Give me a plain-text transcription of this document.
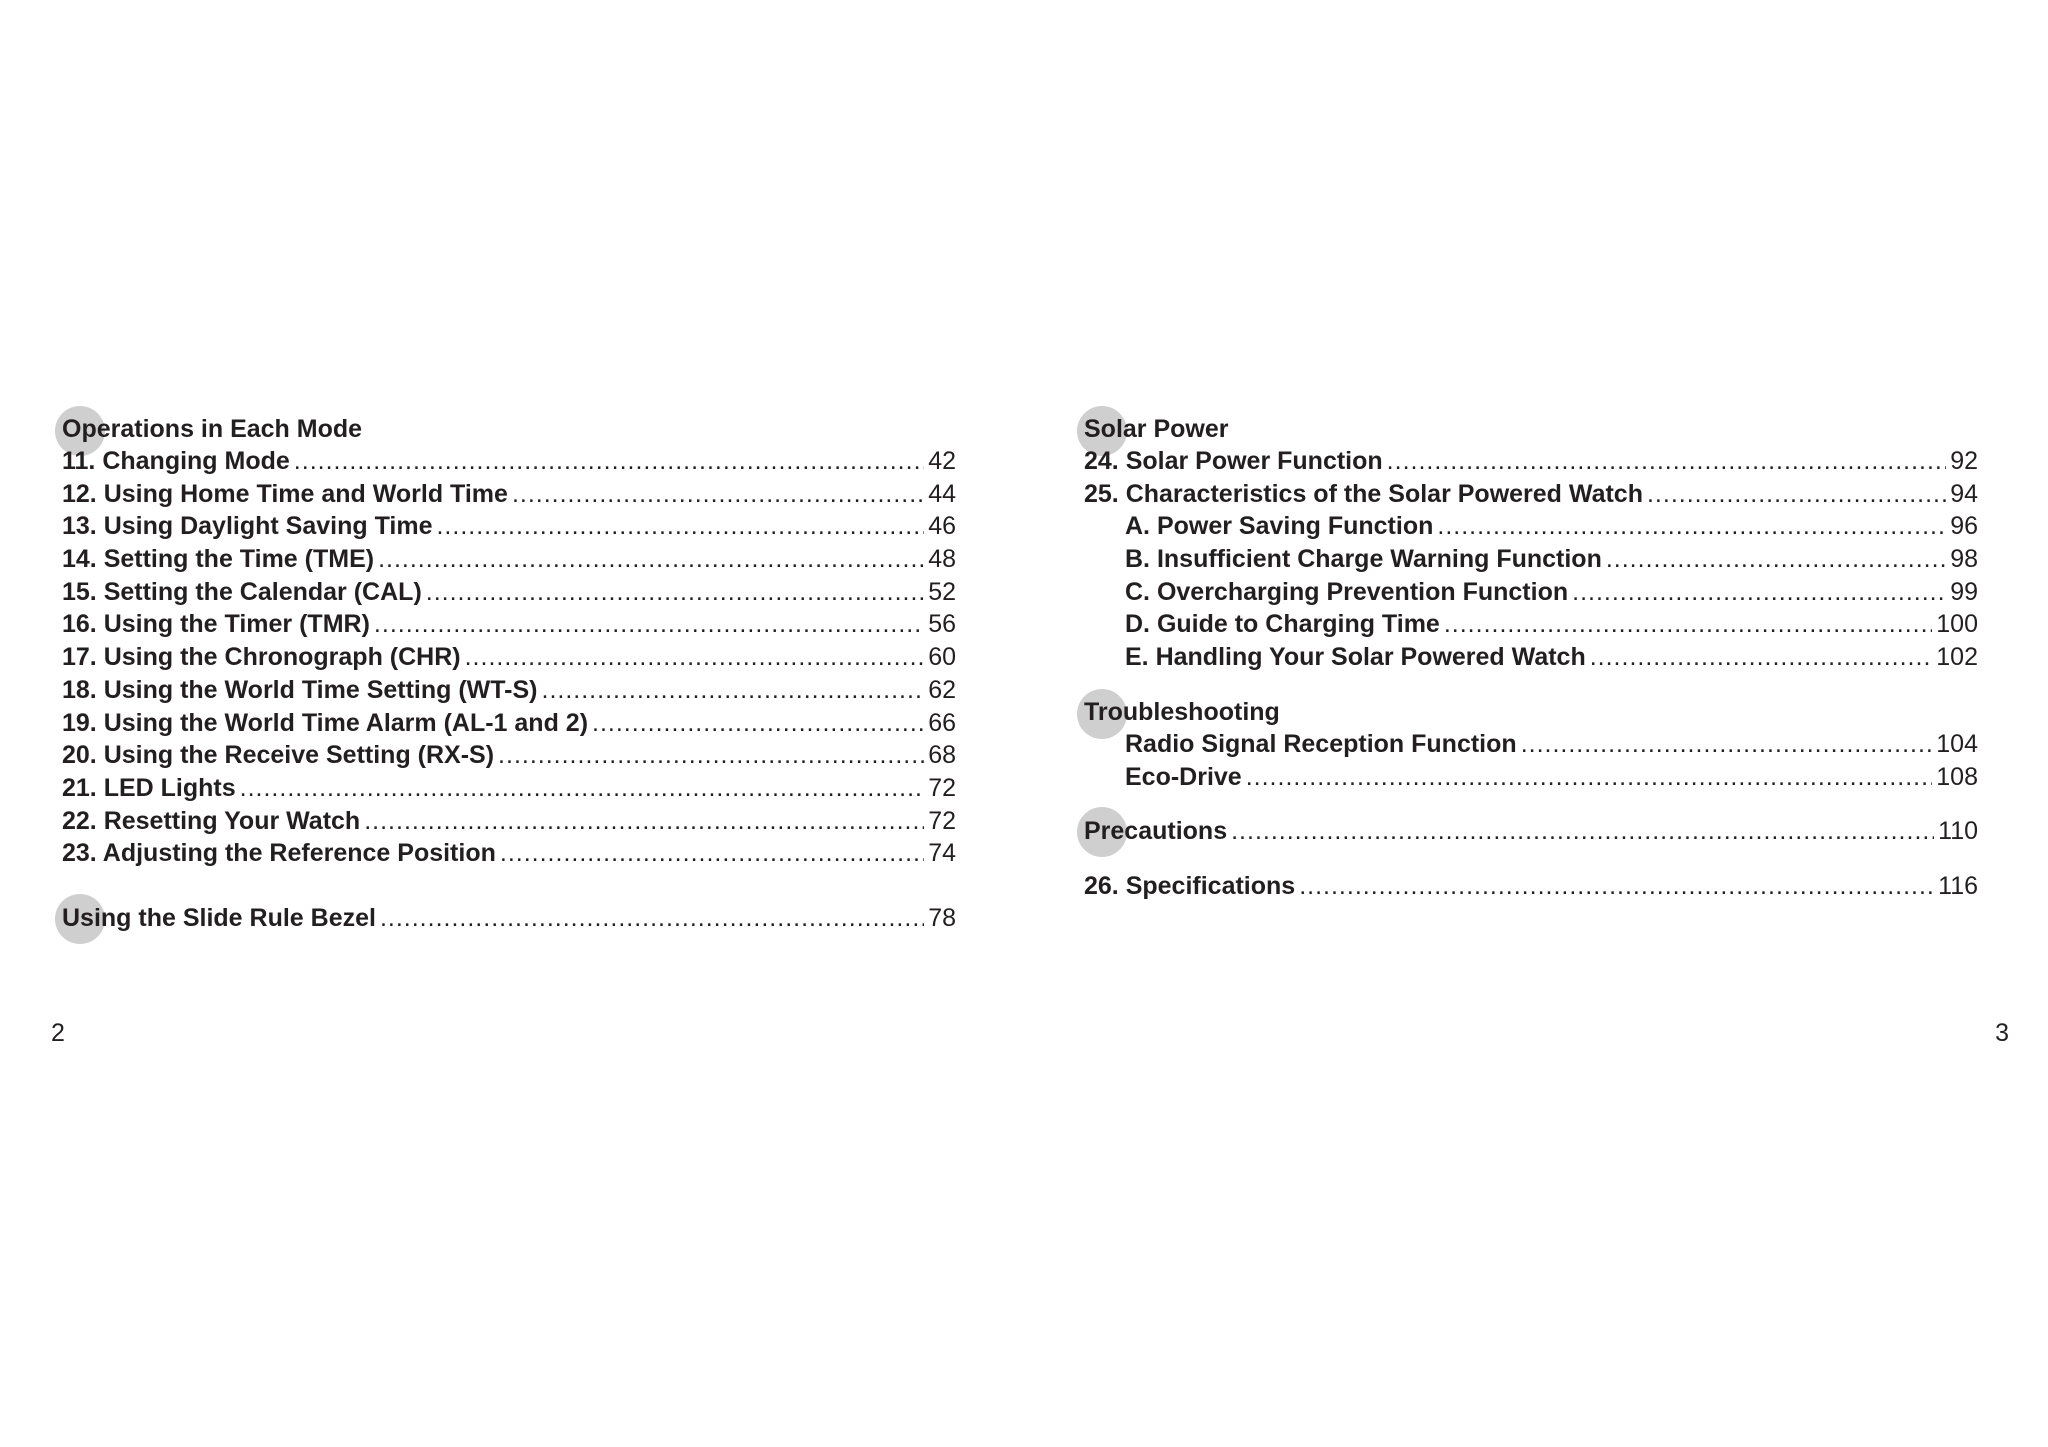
Operations in Each Mode
11. Changing Mode .....	42
12. Using Home Time and World Time .....	44
13. Using Daylight Saving Time .....	46
14. Setting the Time (TME) .....	48
15. Setting the Calendar (CAL) .....	52
16. Using the Timer (TMR) .....	56
17. Using the Chronograph (CHR) .....	60
18. Using the World Time Setting (WT-S) .....	62
19. Using the World Time Alarm (AL-1 and 2) .....	66
20. Using the Receive Setting (RX-S) .....	68
21. LED Lights .....	72
22. Resetting Your Watch .....	72
23. Adjusting the Reference Position .....	74
Using the Slide Rule Bezel .....	78
2
Solar Power
24. Solar Power Function .....	92
25. Characteristics of the Solar Powered Watch .....	94
A. Power Saving Function .....	96
B. Insufficient Charge Warning Function .....	98
C. Overcharging Prevention Function .....	99
D. Guide to Charging Time .....	100
E. Handling Your Solar Powered Watch .....	102
Troubleshooting
Radio Signal Reception Function .....	104
Eco-Drive .....	108
Precautions .....	110
26. Specifications .....	116
3
